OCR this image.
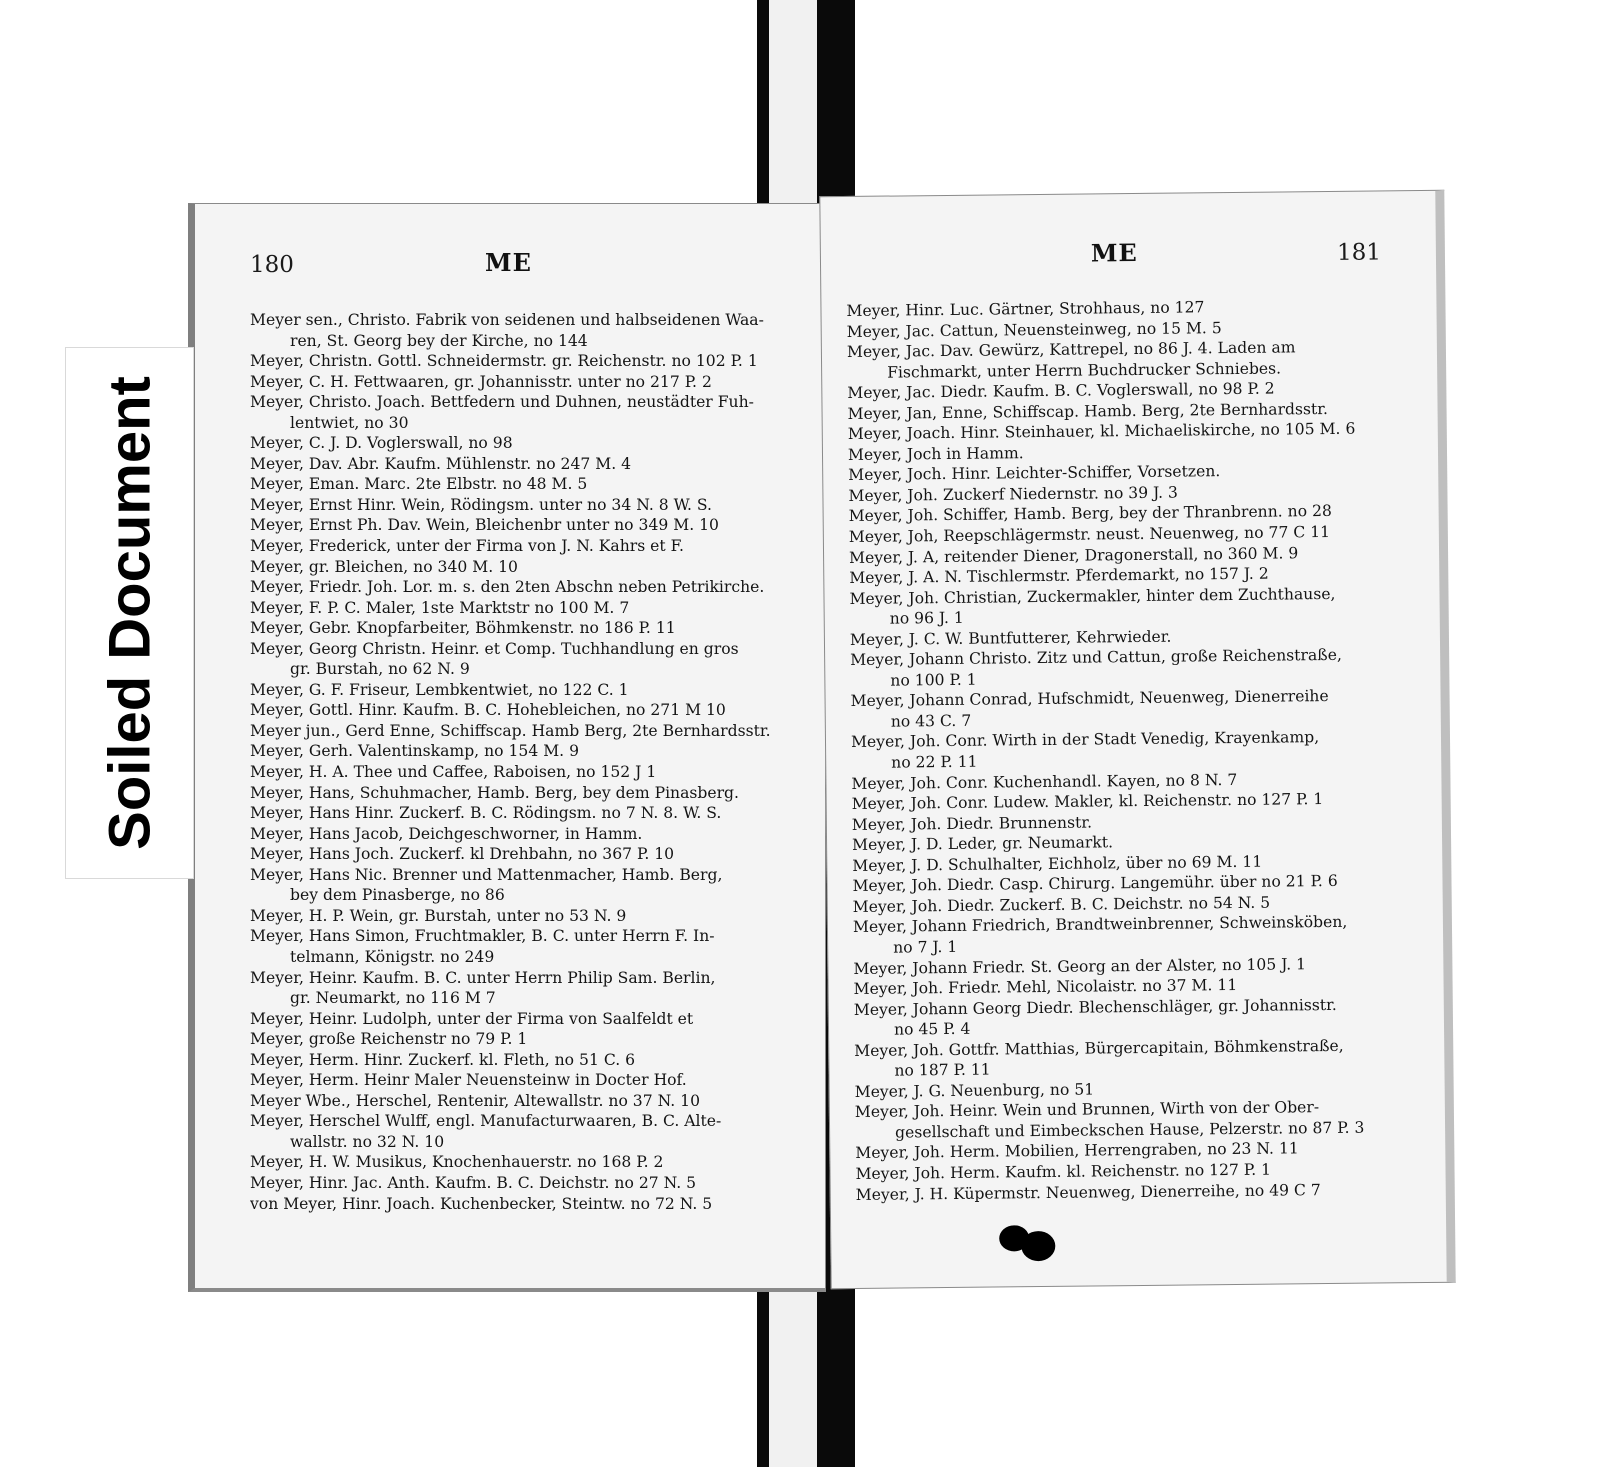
180	ME
Meyer sen., Christo. Fabrik von seidenen und halbseidenen Waa-
ren, St. Georg bey der Kirche, no 144
Meyer, Christn. Gottl. Schneidermstr. gr. Reichenstr. no 102 P. 1
Meyer, C. H. Fettwaaren, gr. Johannisstr. unter no 217 P. 2
Meyer, Christo. Joach. Bettfedern und Duhnen, neustädter Fuh-
lentwiet, no 30
Meyer, C. J. D. Voglerswall, no 98
Meyer, Dav. Abr. Kaufm. Mühlenstr. no 247 M. 4
Meyer, Eman. Marc. 2te Elbstr. no 48 M. 5
Meyer, Ernst Hinr. Wein, Rödingsm. unter no 34 N. 8 W. S.
Meyer, Ernst Ph. Dav. Wein, Bleichenbr unter no 349 M. 10
Meyer, Frederick, unter der Firma von J. N. Kahrs et F.
Meyer, gr. Bleichen, no 340 M. 10
Meyer, Friedr. Joh. Lor. m. s. den 2ten Abschn neben Petrikirche.
Meyer, F. P. C. Maler, 1ste Marktstr no 100 M. 7
Meyer, Gebr. Knopfarbeiter, Böhmkenstr. no 186 P. 11
Meyer, Georg Christn. Heinr. et Comp. Tuchhandlung en gros
gr. Burstah, no 62 N. 9
Meyer, G. F. Friseur, Lembkentwiet, no 122 C. 1
Meyer, Gottl. Hinr. Kaufm. B. C. Hohebleichen, no 271 M 10
Meyer jun., Gerd Enne, Schiffscap. Hamb Berg, 2te Bernhardsstr.
Meyer, Gerh. Valentinskamp, no 154 M. 9
Meyer, H. A. Thee und Caffee, Raboisen, no 152 J 1
Meyer, Hans, Schuhmacher, Hamb. Berg, bey dem Pinasberg.
Meyer, Hans Hinr. Zuckerf. B. C. Rödingsm. no 7 N. 8. W. S.
Meyer, Hans Jacob, Deichgeschworner, in Hamm.
Meyer, Hans Joch. Zuckerf. kl Drehbahn, no 367 P. 10
Meyer, Hans Nic. Brenner und Mattenmacher, Hamb. Berg,
bey dem Pinasberge, no 86
Meyer, H. P. Wein, gr. Burstah, unter no 53 N. 9
Meyer, Hans Simon, Fruchtmakler, B. C. unter Herrn F. In-
telmann, Königstr. no 249
Meyer, Heinr. Kaufm. B. C. unter Herrn Philip Sam. Berlin,
gr. Neumarkt, no 116 M 7
Meyer, Heinr. Ludolph, unter der Firma von Saalfeldt et
Meyer, große Reichenstr no 79 P. 1
Meyer, Herm. Hinr. Zuckerf. kl. Fleth, no 51 C. 6
Meyer, Herm. Heinr Maler Neuensteinw in Docter Hof.
Meyer Wbe., Herschel, Rentenir, Altewallstr. no 37 N. 10
Meyer, Herschel Wulff, engl. Manufacturwaaren, B. C. Alte-
wallstr. no 32 N. 10
Meyer, H. W. Musikus, Knochenhauerstr. no 168 P. 2
Meyer, Hinr. Jac. Anth. Kaufm. B. C. Deichstr. no 27 N. 5
von Meyer, Hinr. Joach. Kuchenbecker, Steintw. no 72 N. 5
ME	181
Meyer, Hinr. Luc. Gärtner, Strohhaus, no 127
Meyer, Jac. Cattun, Neuensteinweg, no 15 M. 5
Meyer, Jac. Dav. Gewürz, Kattrepel, no 86 J. 4. Laden am
Fischmarkt, unter Herrn Buchdrucker Schniebes.
Meyer, Jac. Diedr. Kaufm. B. C. Voglerswall, no 98 P. 2
Meyer, Jan, Enne, Schiffscap. Hamb. Berg, 2te Bernhardsstr.
Meyer, Joach. Hinr. Steinhauer, kl. Michaeliskirche, no 105 M. 6
Meyer, Joch in Hamm.
Meyer, Joch. Hinr. Leichter-Schiffer, Vorsetzen.
Meyer, Joh. Zuckerf Niedernstr. no 39 J. 3
Meyer, Joh. Schiffer, Hamb. Berg, bey der Thranbrenn. no 28
Meyer, Joh, Reepschlägermstr. neust. Neuenweg, no 77 C 11
Meyer, J. A, reitender Diener, Dragonerstall, no 360 M. 9
Meyer, J. A. N. Tischlermstr. Pferdemarkt, no 157 J. 2
Meyer, Joh. Christian, Zuckermakler, hinter dem Zuchthause,
no 96 J. 1
Meyer, J. C. W. Buntfutterer, Kehrwieder.
Meyer, Johann Christo. Zitz und Cattun, große Reichenstraße,
no 100 P. 1
Meyer, Johann Conrad, Hufschmidt, Neuenweg, Dienerreihe
no 43 C. 7
Meyer, Joh. Conr. Wirth in der Stadt Venedig, Krayenkamp,
no 22 P. 11
Meyer, Joh. Conr. Kuchenhandl. Kayen, no 8 N. 7
Meyer, Joh. Conr. Ludew. Makler, kl. Reichenstr. no 127 P. 1
Meyer, Joh. Diedr. Brunnenstr.
Meyer, J. D. Leder, gr. Neumarkt.
Meyer, J. D. Schulhalter, Eichholz, über no 69 M. 11
Meyer, Joh. Diedr. Casp. Chirurg. Langemühr. über no 21 P. 6
Meyer, Joh. Diedr. Zuckerf. B. C. Deichstr. no 54 N. 5
Meyer, Johann Friedrich, Brandtweinbrenner, Schweinsköben,
no 7 J. 1
Meyer, Johann Friedr. St. Georg an der Alster, no 105 J. 1
Meyer, Joh. Friedr. Mehl, Nicolaistr. no 37 M. 11
Meyer, Johann Georg Diedr. Blechenschläger, gr. Johannisstr.
no 45 P. 4
Meyer, Joh. Gottfr. Matthias, Bürgercapitain, Böhmkenstraße,
no 187 P. 11
Meyer, J. G. Neuenburg, no 51
Meyer, Joh. Heinr. Wein und Brunnen, Wirth von der Ober-
gesellschaft und Eimbeckschen Hause, Pelzerstr. no 87 P. 3
Meyer, Joh. Herm. Mobilien, Herrengraben, no 23 N. 11
Meyer, Joh. Herm. Kaufm. kl. Reichenstr. no 127 P. 1
Meyer, J. H. Küpermstr. Neuenweg, Dienerreihe, no 49 C 7
Soiled Document
